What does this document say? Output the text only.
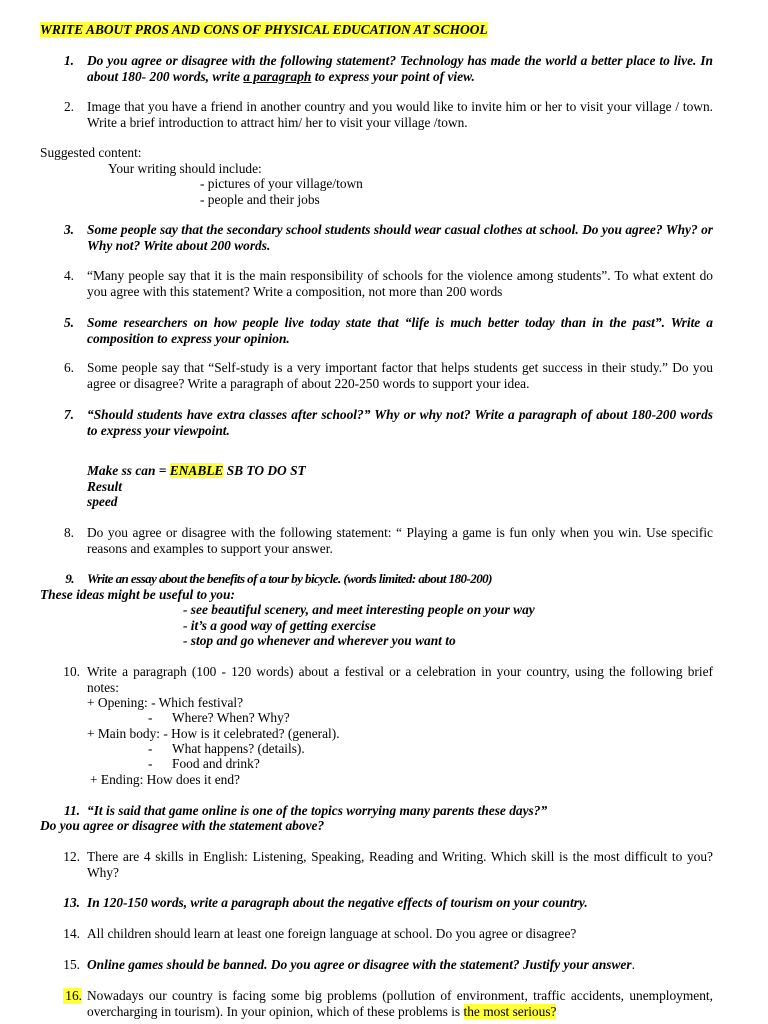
WRITE ABOUT PROS AND CONS OF PHYSICAL EDUCATION AT SCHOOL
1. Do you agree or disagree with the following statement? Technology has made the world a better place to live. In about 180- 200 words, write a paragraph to express your point of view.
2. Image that you have a friend in another country and you would like to invite him or her to visit your village / town. Write a brief introduction to attract him/ her to visit your village /town.
Suggested content:
Your writing should include:
- pictures of your village/town
- people and their jobs
3. Some people say that the secondary school students should wear casual clothes at school. Do you agree? Why? or Why not? Write about 200 words.
4. “Many people say that it is the main responsibility of schools for the violence among students”. To what extent do you agree with this statement? Write a composition, not more than 200 words
5. Some researchers on how people live today state that “life is much better today than in the past”. Write a composition to express your opinion.
6. Some people say that “Self-study is a very important factor that helps students get success in their study.” Do you agree or disagree? Write a paragraph of about 220-250 words to support your idea.
7. “Should students have extra classes after school?” Why or why not? Write a paragraph of about 180-200 words to express your viewpoint.
Make ss can = ENABLE SB TO DO ST
Result
speed
8. Do you agree or disagree with the following statement: “ Playing a game is fun only when you win. Use specific reasons and examples to support your answer.
9. Write an essay about the benefits of a tour by bicycle. (words limited: about 180-200)
These ideas might be useful to you:
- see beautiful scenery, and meet interesting people on your way
- it’s a good way of getting exercise
- stop and go whenever and wherever you want to
10. Write a paragraph (100 - 120 words) about a festival or a celebration in your country, using the following brief notes:
+ Opening: - Which festival?
- Where? When? Why?
+ Main body: - How is it celebrated? (general).
- What happens? (details).
- Food and drink?
+ Ending: How does it end?
11. “It is said that game online is one of the topics worrying many parents these days?”
Do you agree or disagree with the statement above?
12. There are 4 skills in English: Listening, Speaking, Reading and Writing. Which skill is the most difficult to you? Why?
13. In 120-150 words, write a paragraph about the negative effects of tourism on your country.
14. All children should learn at least one foreign language at school. Do you agree or disagree?
15. Online games should be banned. Do you agree or disagree with the statement? Justify your answer.
16. Nowadays our country is facing some big problems (pollution of environment, traffic accidents, unemployment, overcharging in tourism). In your opinion, which of these problems is the most serious?
